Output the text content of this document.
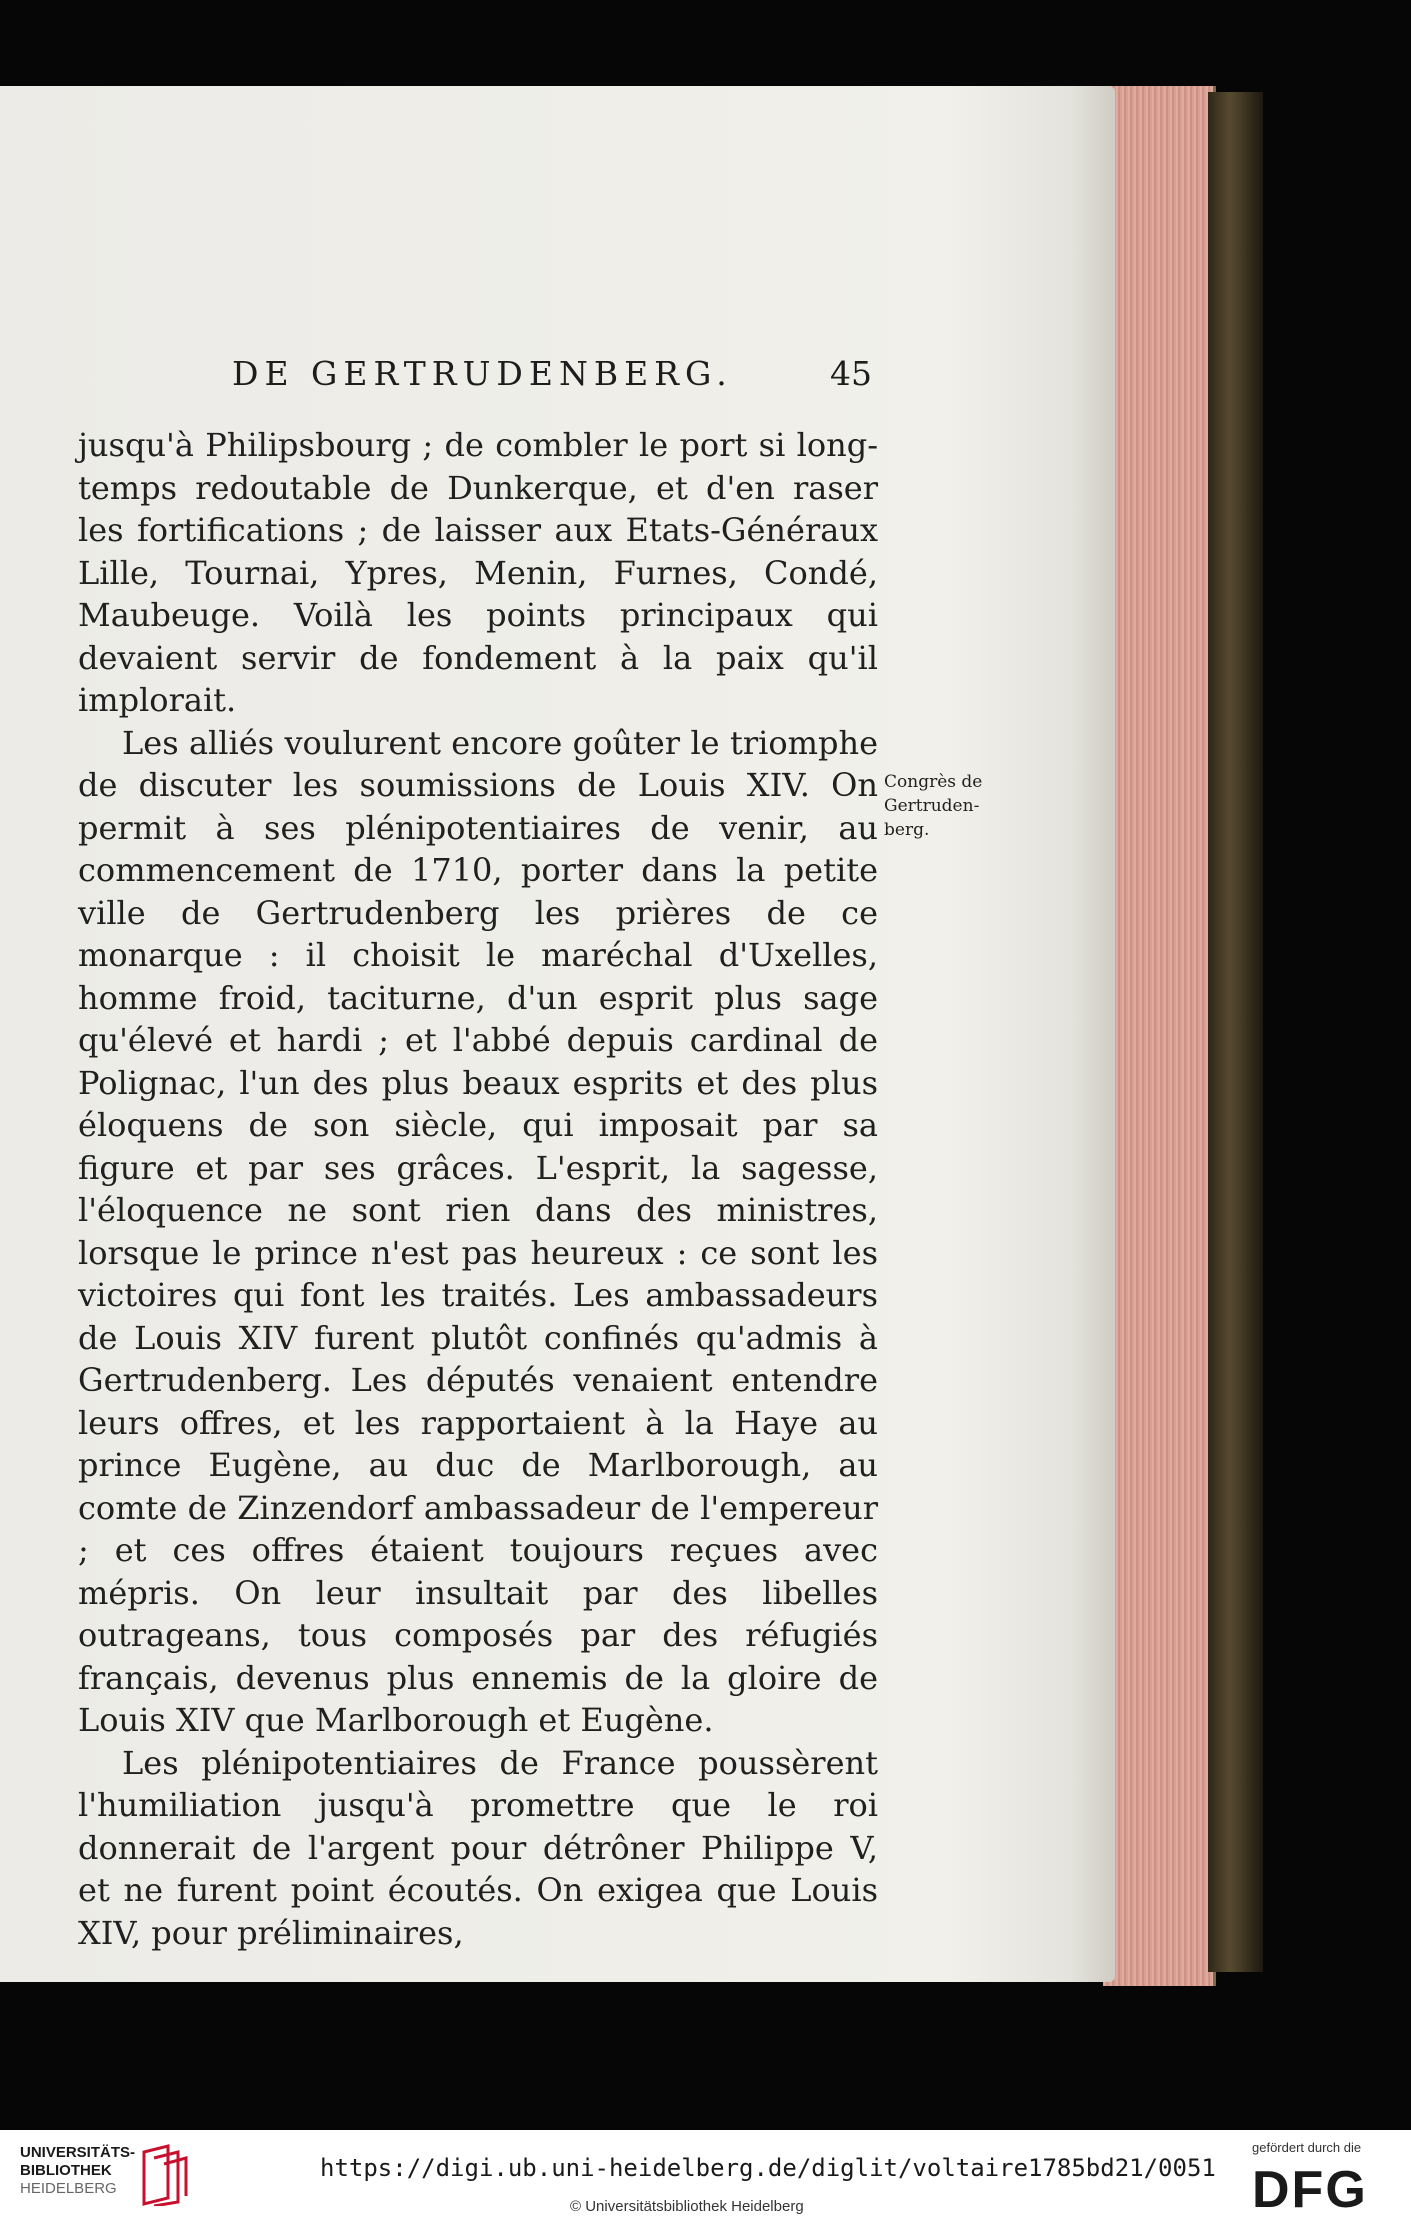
DE GERTRUDENBERG.	45

jusqu'à Philipsbourg ; de combler le port si long-temps redoutable de Dunkerque, et d'en raser les fortifications ; de laisser aux Etats-Généraux Lille, Tournai, Ypres, Menin, Furnes, Condé, Maubeuge. Voilà les points principaux qui devaient servir de fondement à la paix qu'il implorait.

Les alliés voulurent encore goûter le triomphe de discuter les soumissions de Louis XIV. On permit à ses plénipotentiaires de venir, au commencement de 1710, porter dans la petite ville de Gertrudenberg les prières de ce monarque : il choisit le maréchal d'Uxelles, homme froid, taciturne, d'un esprit plus sage qu'élevé et hardi ; et l'abbé depuis cardinal de Polignac, l'un des plus beaux esprits et des plus éloquens de son siècle, qui imposait par sa figure et par ses grâces. L'esprit, la sagesse, l'éloquence ne sont rien dans des ministres, lorsque le prince n'est pas heureux : ce sont les victoires qui font les traités. Les ambassadeurs de Louis XIV furent plutôt confinés qu'admis à Gertrudenberg. Les députés venaient entendre leurs offres, et les rapportaient à la Haye au prince Eugène, au duc de Marlborough, au comte de Zinzendorf ambassadeur de l'empereur ; et ces offres étaient toujours reçues avec mépris. On leur insultait par des libelles outrageans, tous composés par des réfugiés français, devenus plus ennemis de la gloire de Louis XIV que Marlborough et Eugène.

Les plénipotentiaires de France poussèrent l'humiliation jusqu'à promettre que le roi donnerait de l'argent pour détrôner Philippe V, et ne furent point écoutés. On exigea que Louis XIV, pour préliminaires,

Congrès de
Gertruden-
berg.
UNIVERSITÄTS-
BIBLIOTHEK
HEIDELBERG
https://digi.ub.uni-heidelberg.de/diglit/voltaire1785bd21/0051
© Universitätsbibliothek Heidelberg
gefördert durch die
DFG
